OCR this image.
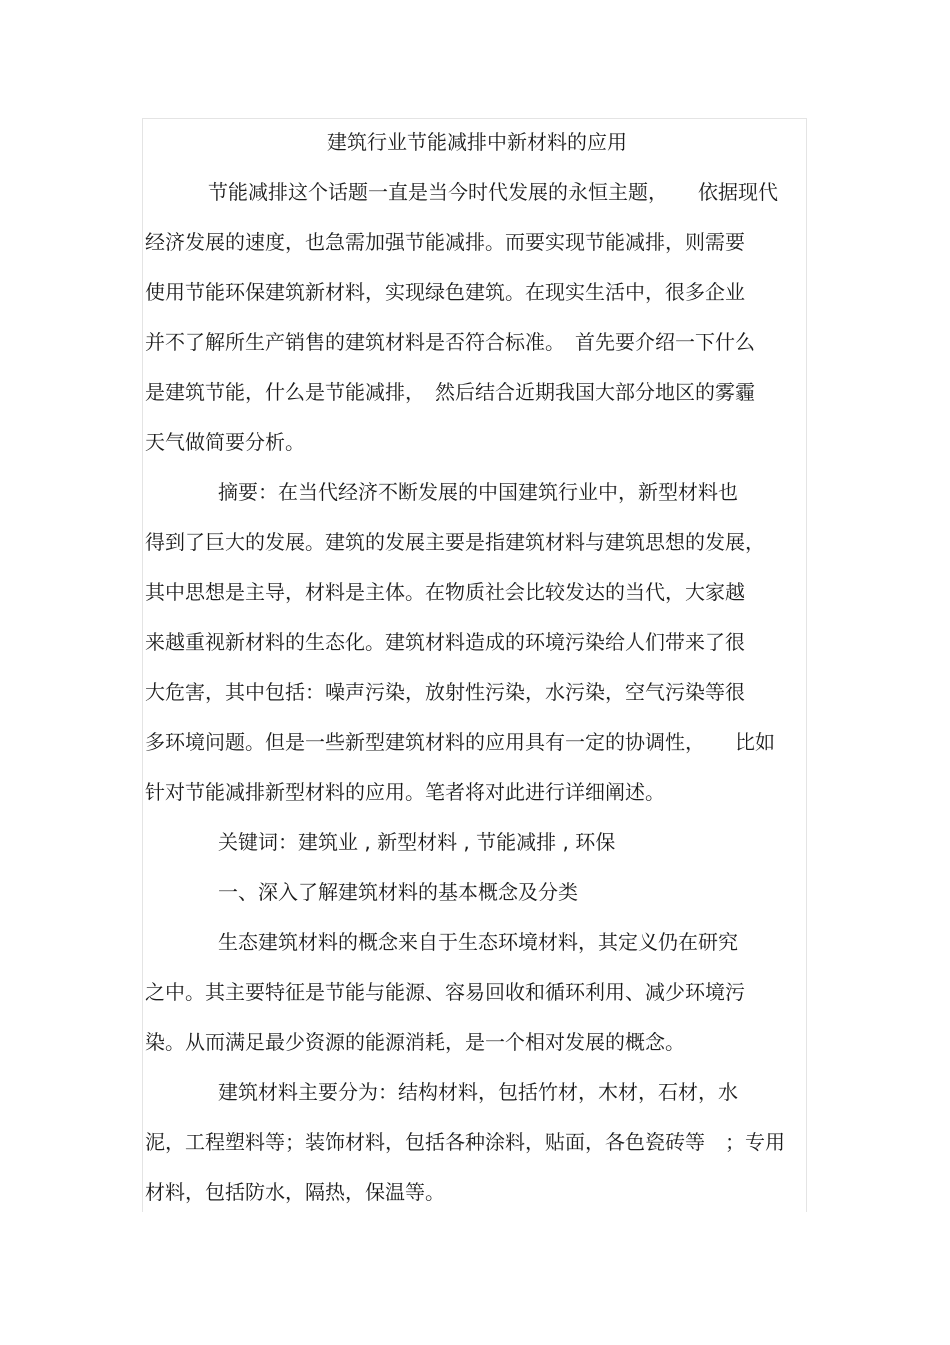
建筑行业节能减排中新材料的应用
节能减排这个话题一直是当今时代发展的永恒主题，　　依据现代
经济发展的速度，也急需加强节能减排。而要实现节能减排，则需要
使用节能环保建筑新材料，实现绿色建筑。在现实生活中，很多企业
并不了解所生产销售的建筑材料是否符合标准。　首先要介绍一下什么
是建筑节能，什么是节能减排，　然后结合近期我国大部分地区的雾霾
天气做简要分析。
摘要：在当代经济不断发展的中国建筑行业中，新型材料也
得到了巨大的发展。建筑的发展主要是指建筑材料与建筑思想的发展，
其中思想是主导，材料是主体。在物质社会比较发达的当代，大家越
来越重视新材料的生态化。建筑材料造成的环境污染给人们带来了很
大危害，其中包括：噪声污染，放射性污染，水污染，空气污染等很
多环境问题。但是一些新型建筑材料的应用具有一定的协调性，　　比如
针对节能减排新型材料的应用。笔者将对此进行详细阐述。
关键词：建筑业 , 新型材料 , 节能减排 , 环保
一、深入了解建筑材料的基本概念及分类
生态建筑材料的概念来自于生态环境材料，其定义仍在研究
之中。其主要特征是节能与能源、容易回收和循环利用、减少环境污
染。从而满足最少资源的能源消耗，是一个相对发展的概念。
建筑材料主要分为：结构材料，包括竹材，木材，石材，水
泥，工程塑料等；装饰材料，包括各种涂料，贴面，各色瓷砖等　；专用
材料，包括防水，隔热，保温等。
